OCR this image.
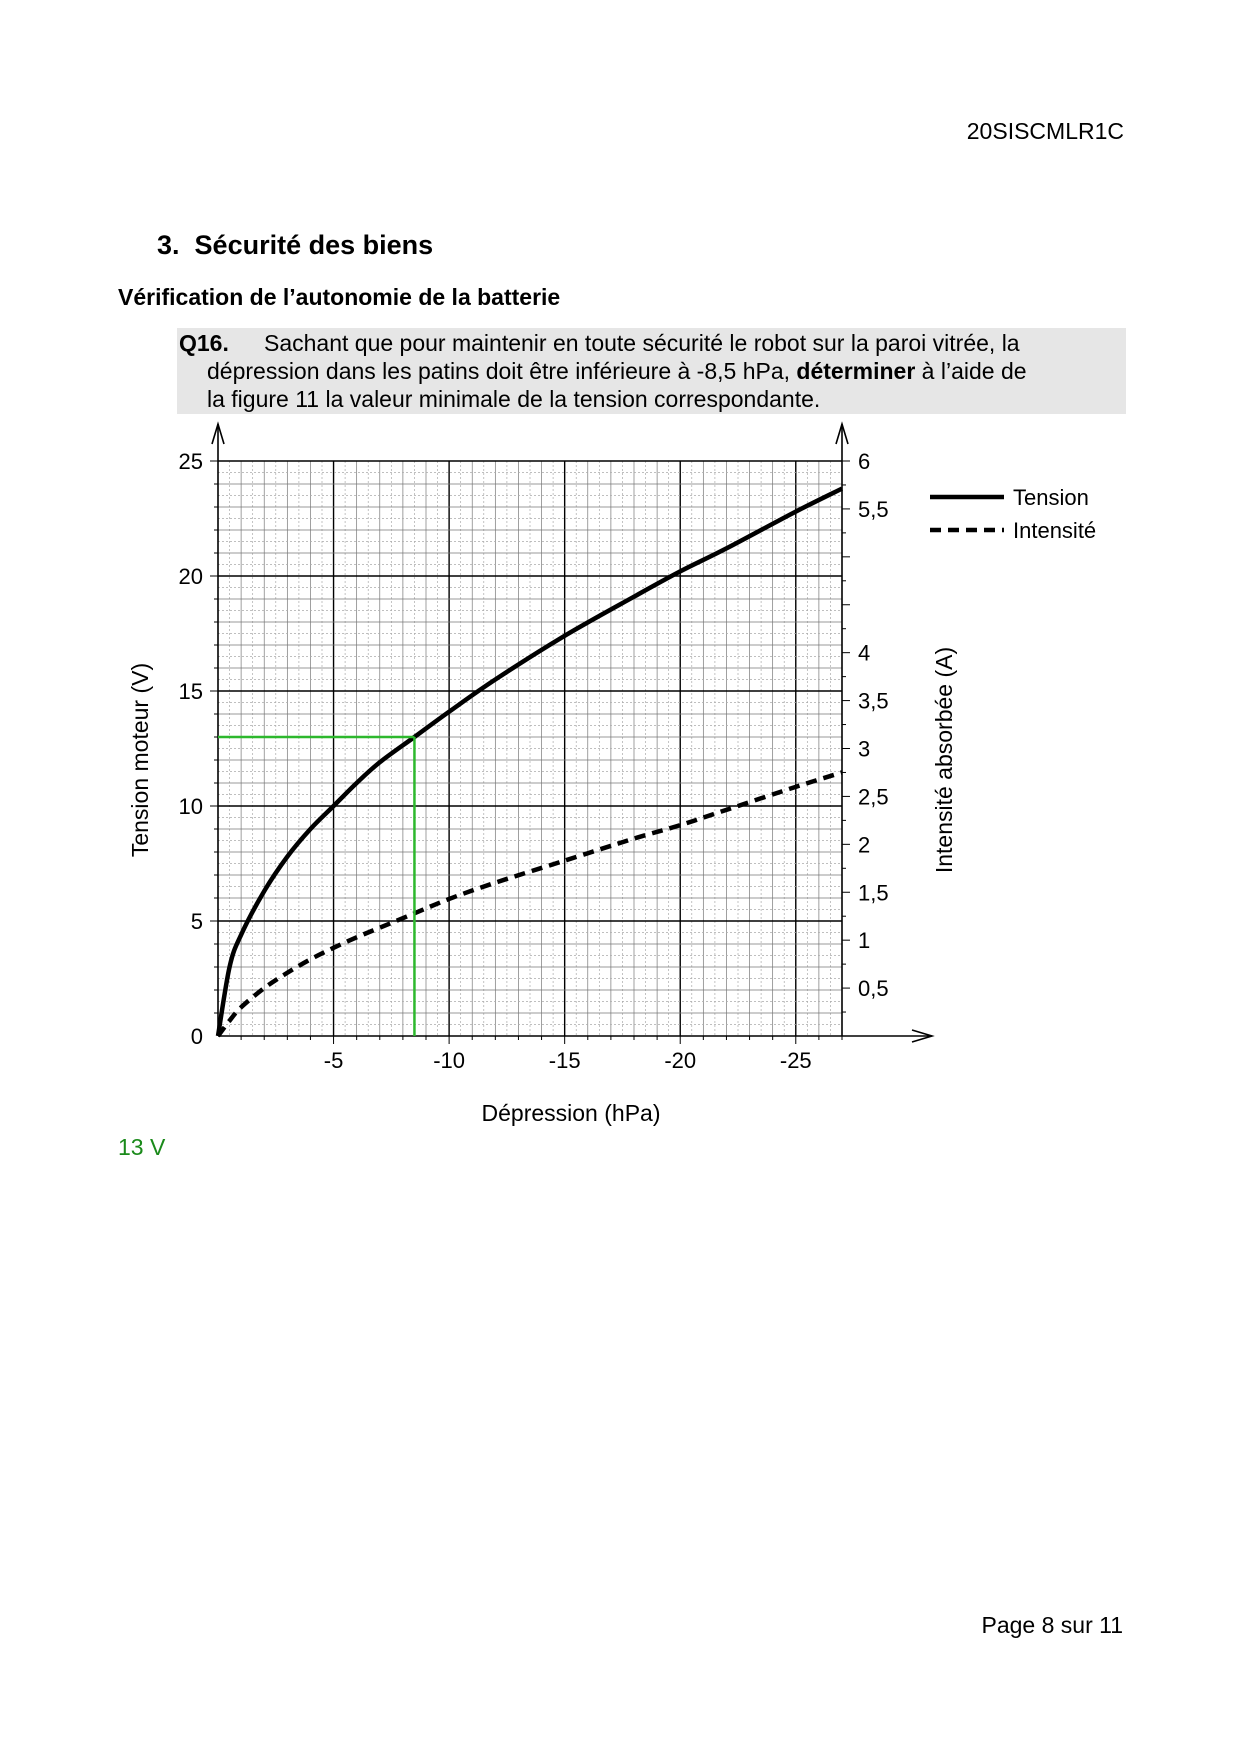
20SISCMLR1C
3. Sécurité des biens
Vérification de l’autonomie de la batterie
Q16. Sachant que pour maintenir en toute sécurité le robot sur la paroi vitrée, la
dépression dans les patins doit être inférieure à -8,5 hPa, déterminer à l’aide de
la figure 11 la valeur minimale de la tension correspondante.
0
5
10
15
20
25
0,5
1
1,5
2
2,5
3
3,5
4
5,5
6
-5	-10	-15	-20	-25
Tension
Intensité
Dépression (hPa)
Tension moteur (V)	Intensité absorbée (A)
13 V
Page 8 sur 11
